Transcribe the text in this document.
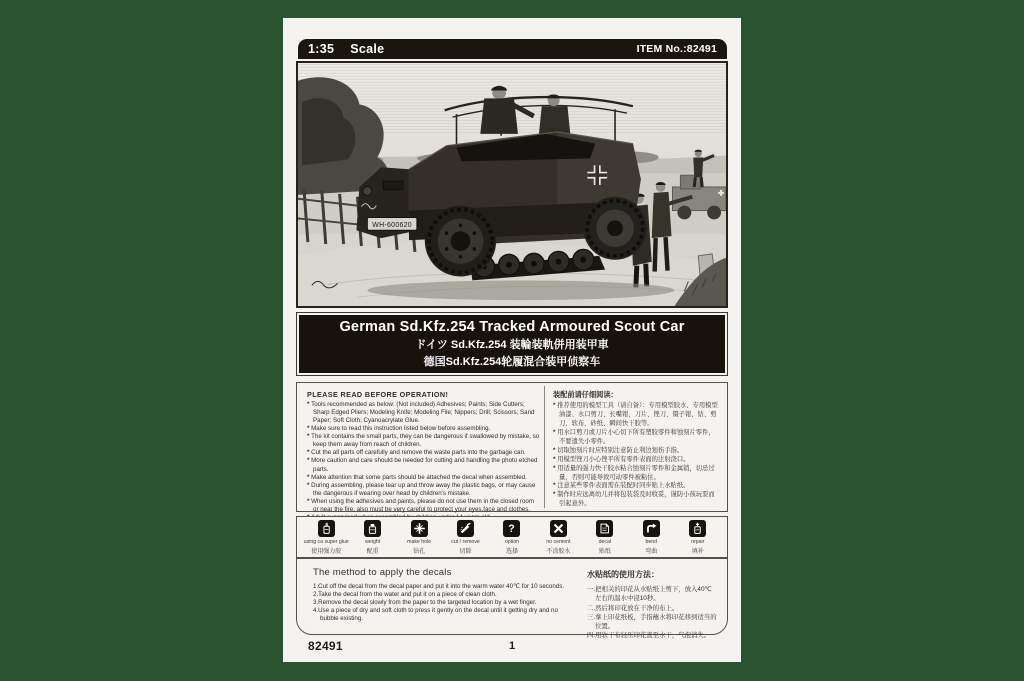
1:35 Scale	ITEM No.:82491
WH-600620
German Sd.Kfz.254 Tracked Armoured Scout Car
ドイツ Sd.Kfz.254 装輪装軌併用装甲車
德国Sd.Kfz.254轮履混合装甲侦察车
PLEASE READ BEFORE OPERATION!
* Tools recommended as below: (Not included) Adhesives; Paints; Side Cutters; Sharp Edged Pliers; Modeling Knife; Modeling File; Nippers; Drill; Scissors; Sand Paper; Soft Cloth; Cyanoacrylate Glue.
* Make sure to read this instruction listed below before assembling.
* The kit contains the small parts, they can be dangerous if swallowed by mistake, so keep them away from reach of children.
* Cut the all parts off carefully and remove the waste parts into the garbage can.
* More caution and care should be needed for cutting and handling the photo etched parts.
* Make attention that some parts should be attached the decal when assembled.
* During assembling, please tear up and throw away the plastic bags, or may cause the dangerous if wearing over head by children's mistake.
* When using the adhesives and paints, please do not use them in the closed room or near the fire, also must be very careful to protect your eyes,face and clothes.
*
装配前请仔细阅读：
* 推荐使用的模型工具（请自备）：专用模型胶水、专用模型油漆、水口剪刀、长嘴钳、刀片、锉刀、镊子钳、钻、剪刀、软布、砂纸、瞬间快干胶等。
* 用水口剪刀或刀片小心切下所有塑胶零件和蚀刻片零件，不要遗失小零件。
* 切取蚀刻片时应特别注意防止利边划伤手指。
* 用模型锉刀小心锉平所有零件表面的注射浇口。
* 用适量的强力快干胶水粘合蚀刻片零件和金属销，切忌过量，否则可能导致可动零件被粘住。
* 注意某些零件表面需在装配时同步贴上水贴纸。
* 制作时应远离幼儿并将包装袋及时收妥，谨防小孩玩耍而引起意外。
using ca super glue
使用强力胶
weight
配重
make hole
钻孔
cut / remove
切除
?
option
选择
no cement
不涂胶水
decal
贴纸
bend
弯曲
repair
填补
The method to apply the decals
1.Cut off the decal from the decal paper and put it into the warm water 40℃ for 10 seconds.
2.Take the decal from the water and put it on a piece of clean cloth.
3.Remove the decal slowly from the paper to the targeted location by a wet finger.
4.Use a piece of dry and soft cloth to press it gently on the decal until it getting dry and no bubble existing.
水贴纸的使用方法：
一.把相关的印花从水贴纸上剪下，放入40℃左右的温水中浸10秒。
二.然后将印花放在干净的布上。
三.拿上印花纸板，手指蘸水将印花移到适当的位置。
四.用软干布轻压印花直至水干，气泡消失。
82491	1
